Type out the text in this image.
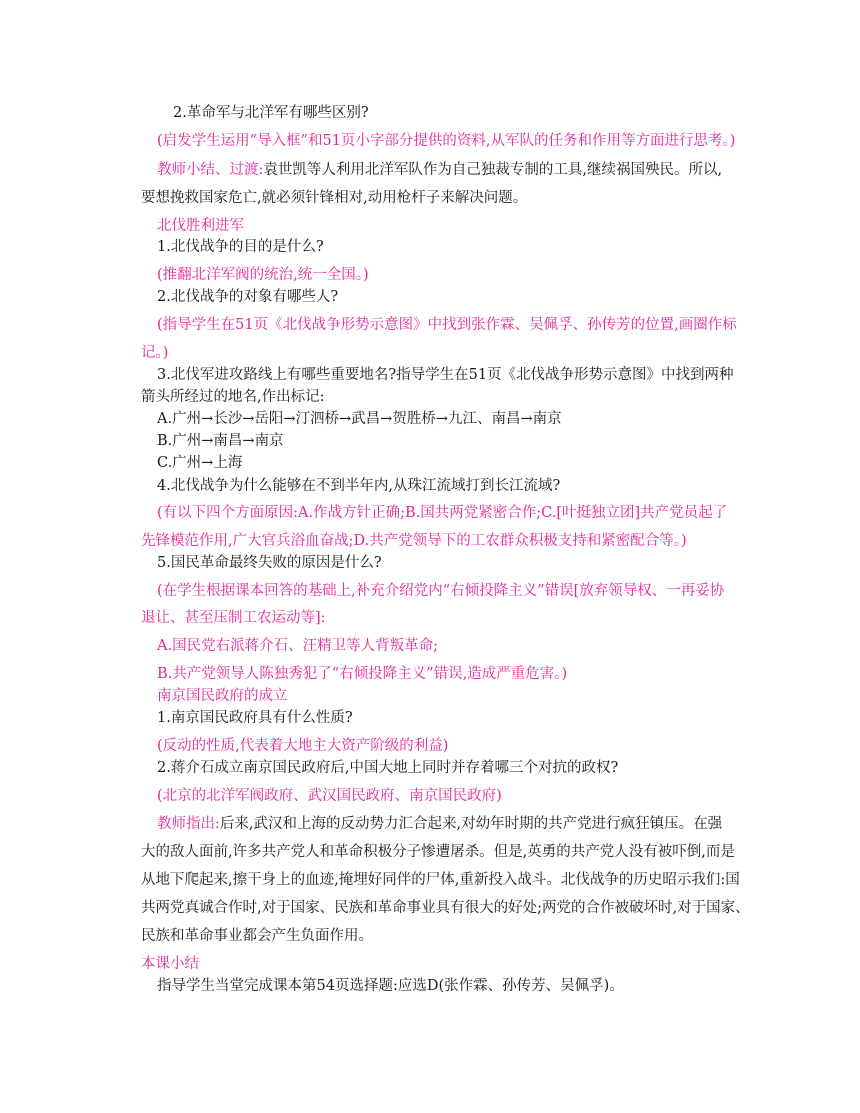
2.革命军与北洋军有哪些区别?
(启发学生运用“导入框”和51页小字部分提供的资料,从军队的任务和作用等方面进行思考。)
教师小结、过渡:袁世凯等人利用北洋军队作为自己独裁专制的工具,继续祸国殃民。所以,
要想挽救国家危亡,就必须针锋相对,动用枪杆子来解决问题。
北伐胜利进军
1.北伐战争的目的是什么?
(推翻北洋军阀的统治,统一全国。)
2.北伐战争的对象有哪些人?
(指导学生在51页《北伐战争形势示意图》中找到张作霖、吴佩孚、孙传芳的位置,画圈作标
记。)
3.北伐军进攻路线上有哪些重要地名?指导学生在51页《北伐战争形势示意图》中找到两种
箭头所经过的地名,作出标记:
A.广州→长沙→岳阳→汀泗桥→武昌→贺胜桥→九江、南昌→南京
B.广州→南昌→南京
C.广州→上海
4.北伐战争为什么能够在不到半年内,从珠江流域打到长江流域?
(有以下四个方面原因:A.作战方针正确;B.国共两党紧密合作;C.[叶挺独立团]共产党员起了
先锋模范作用,广大官兵浴血奋战;D.共产党领导下的工农群众积极支持和紧密配合等。)
5.国民革命最终失败的原因是什么?
(在学生根据课本回答的基础上,补充介绍党内“右倾投降主义”错误[放弃领导权、一再妥协
退让、甚至压制工农运动等]:
A.国民党右派蒋介石、汪精卫等人背叛革命;
B.共产党领导人陈独秀犯了“右倾投降主义”错误,造成严重危害。)
南京国民政府的成立
1.南京国民政府具有什么性质?
(反动的性质,代表着大地主大资产阶级的利益)
2.蒋介石成立南京国民政府后,中国大地上同时并存着哪三个对抗的政权?
(北京的北洋军阀政府、武汉国民政府、南京国民政府)
教师指出:后来,武汉和上海的反动势力汇合起来,对幼年时期的共产党进行疯狂镇压。在强
大的敌人面前,许多共产党人和革命积极分子惨遭屠杀。但是,英勇的共产党人没有被吓倒,而是
从地下爬起来,擦干身上的血迹,掩埋好同伴的尸体,重新投入战斗。北伐战争的历史昭示我们:国
共两党真诚合作时,对于国家、民族和革命事业具有很大的好处;两党的合作被破坏时,对于国家、
民族和革命事业都会产生负面作用。
本课小结
指导学生当堂完成课本第54页选择题:应选D(张作霖、孙传芳、吴佩孚)。
